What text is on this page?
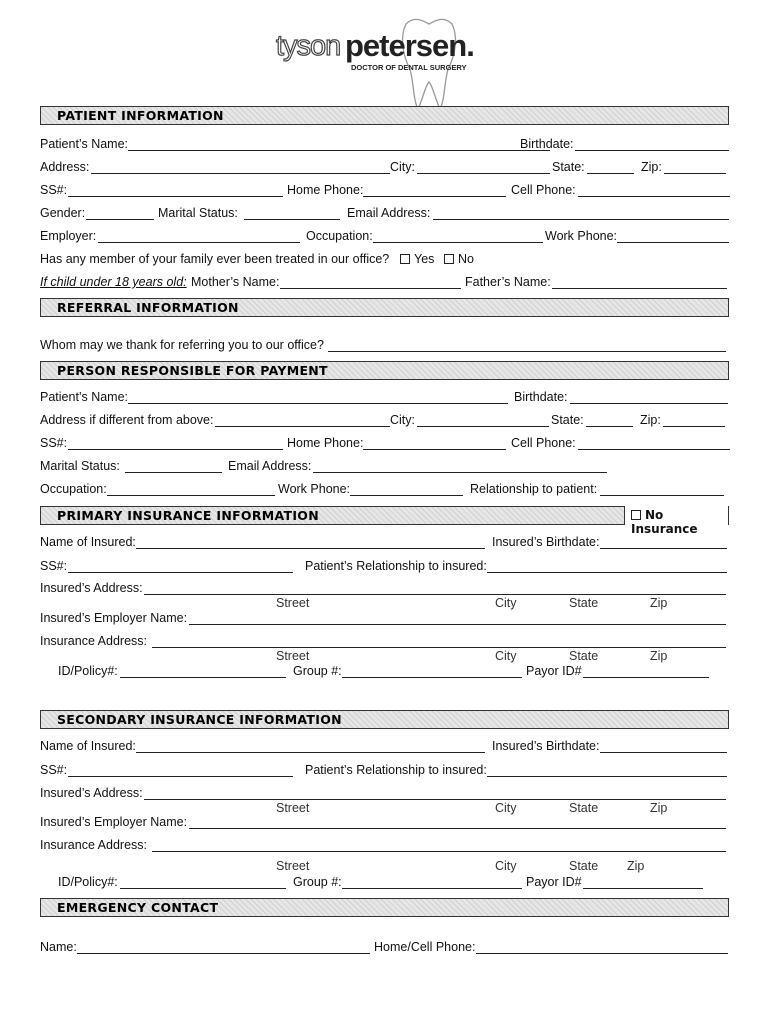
tyson petersen.
DOCTOR OF DENTAL SURGERY
PATIENT INFORMATION
Patient’s Name:	Birthdate:
Address:	City:	State:	Zip:
SS#:	Home Phone:	Cell Phone:
Gender:	Marital Status:	Email Address:
Employer:	Occupation:	Work Phone:
Has any member of your family ever been treated in our office?	Yes	No
If child under 18 years old: Mother’s Name:	Father’s Name:
REFERRAL INFORMATION
Whom may we thank for referring you to our office?
PERSON RESPONSIBLE FOR PAYMENT
Patient’s Name:	Birthdate:
Address if different from above:	City:	State:	Zip:
SS#:	Home Phone:	Cell Phone:
Marital Status:	Email Address:
Occupation:	Work Phone:	Relationship to patient:
PRIMARY INSURANCE INFORMATION	No Insurance
Name of Insured:	Insured’s Birthdate:
SS#:	Patient’s Relationship to insured:
Insured’s Address:
Street	City	State	Zip
Insured’s Employer Name:
Insurance Address:
Street	City	State	Zip
ID/Policy#:	Group #:	Payor ID#
SECONDARY INSURANCE INFORMATION
Name of Insured:	Insured’s Birthdate:
SS#:	Patient’s Relationship to insured:
Insured’s Address:
Street	City	State	Zip
Insured’s Employer Name:
Insurance Address:
Street	City	State Zip
ID/Policy#:	Group #:	Payor ID#
EMERGENCY CONTACT
Name:	Home/Cell Phone:
